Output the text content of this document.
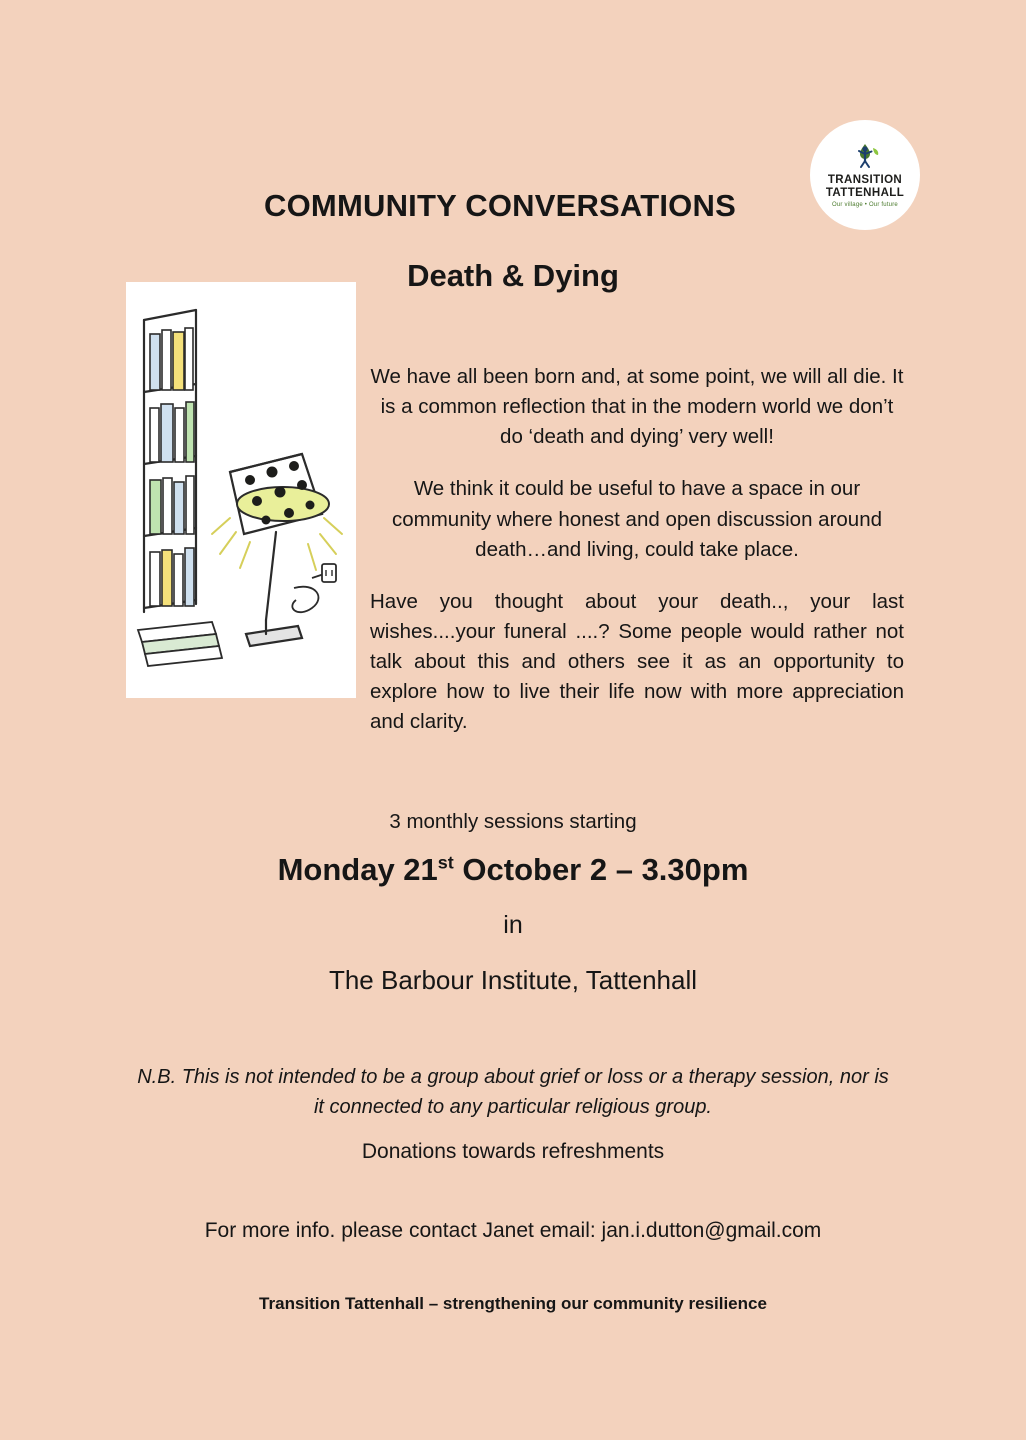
TRANSITION
TATTENHALL
Our village • Our future
COMMUNITY CONVERSATIONS
Death & Dying

We have all been born and, at some point, we will all die. It is a common reflection that in the modern world we don’t do ‘death and dying’ very well!

We think it could be useful to have a space in our community where honest and open discussion around death…and living, could take place.

Have you thought about your death.., your last wishes....your funeral ....? Some people would rather not talk about this and others see it as an opportunity to explore how to live their life now with more appreciation and clarity.

3 monthly sessions starting
Monday 21st October 2 – 3.30pm
in
The Barbour Institute, Tattenhall
N.B. This is not intended to be a group about grief or loss or a therapy session, nor is it connected to any particular religious group.
Donations towards refreshments
For more info. please contact Janet email: jan.i.dutton@gmail.com
Transition Tattenhall – strengthening our community resilience
